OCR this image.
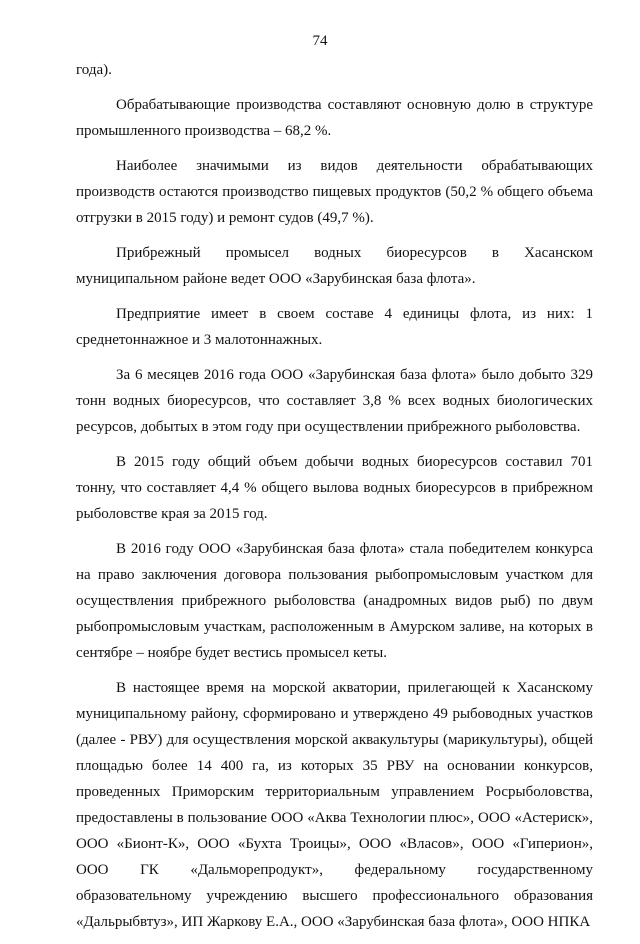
74

года).

Обрабатывающие производства составляют основную долю в структуре промышленного производства – 68,2 %.

Наиболее значимыми из видов деятельности обрабатывающих производств остаются производство пищевых продуктов (50,2 % общего объема отгрузки в 2015 году) и ремонт судов (49,7 %).

Прибрежный промысел водных биоресурсов в Хасанском муниципальном районе ведет ООО «Зарубинская база флота».

Предприятие имеет в своем составе 4 единицы флота, из них: 1 среднетоннажное и 3 малотоннажных.

За 6 месяцев 2016 года ООО «Зарубинская база флота» было добыто 329 тонн водных биоресурсов, что составляет 3,8 % всех водных биологических ресурсов, добытых в этом году при осуществлении прибрежного рыболовства.

В 2015 году общий объем добычи водных биоресурсов составил 701 тонну, что составляет 4,4 % общего вылова водных биоресурсов в прибрежном рыболовстве края за 2015 год.

В 2016 году ООО «Зарубинская база флота» стала победителем конкурса на право заключения договора пользования рыбопромысловым участком для осуществления прибрежного рыболовства (анадромных видов рыб) по двум рыбопромысловым участкам, расположенным в Амурском заливе, на которых в сентябре – ноябре будет вестись промысел кеты.

В настоящее время на морской акватории, прилегающей к Хасанскому муниципальному району, сформировано и утверждено 49 рыбоводных участков (далее - РВУ) для осуществления морской аквакультуры (марикультуры), общей площадью более 14 400 га, из которых 35 РВУ на основании конкурсов, проведенных Приморским территориальным управлением Росрыболовства, предоставлены в пользование ООО «Аква Технологии плюс», ООО «Астериск», ООО «Бионт-К», ООО «Бухта Троицы», ООО «Власов», ООО «Гиперион», ООО ГК «Дальморепродукт», федеральному государственному образовательному учреждению высшего профессионального образования «Дальрыбвтуз», ИП Жаркову Е.А., ООО «Зарубинская база флота», ООО НПКА
